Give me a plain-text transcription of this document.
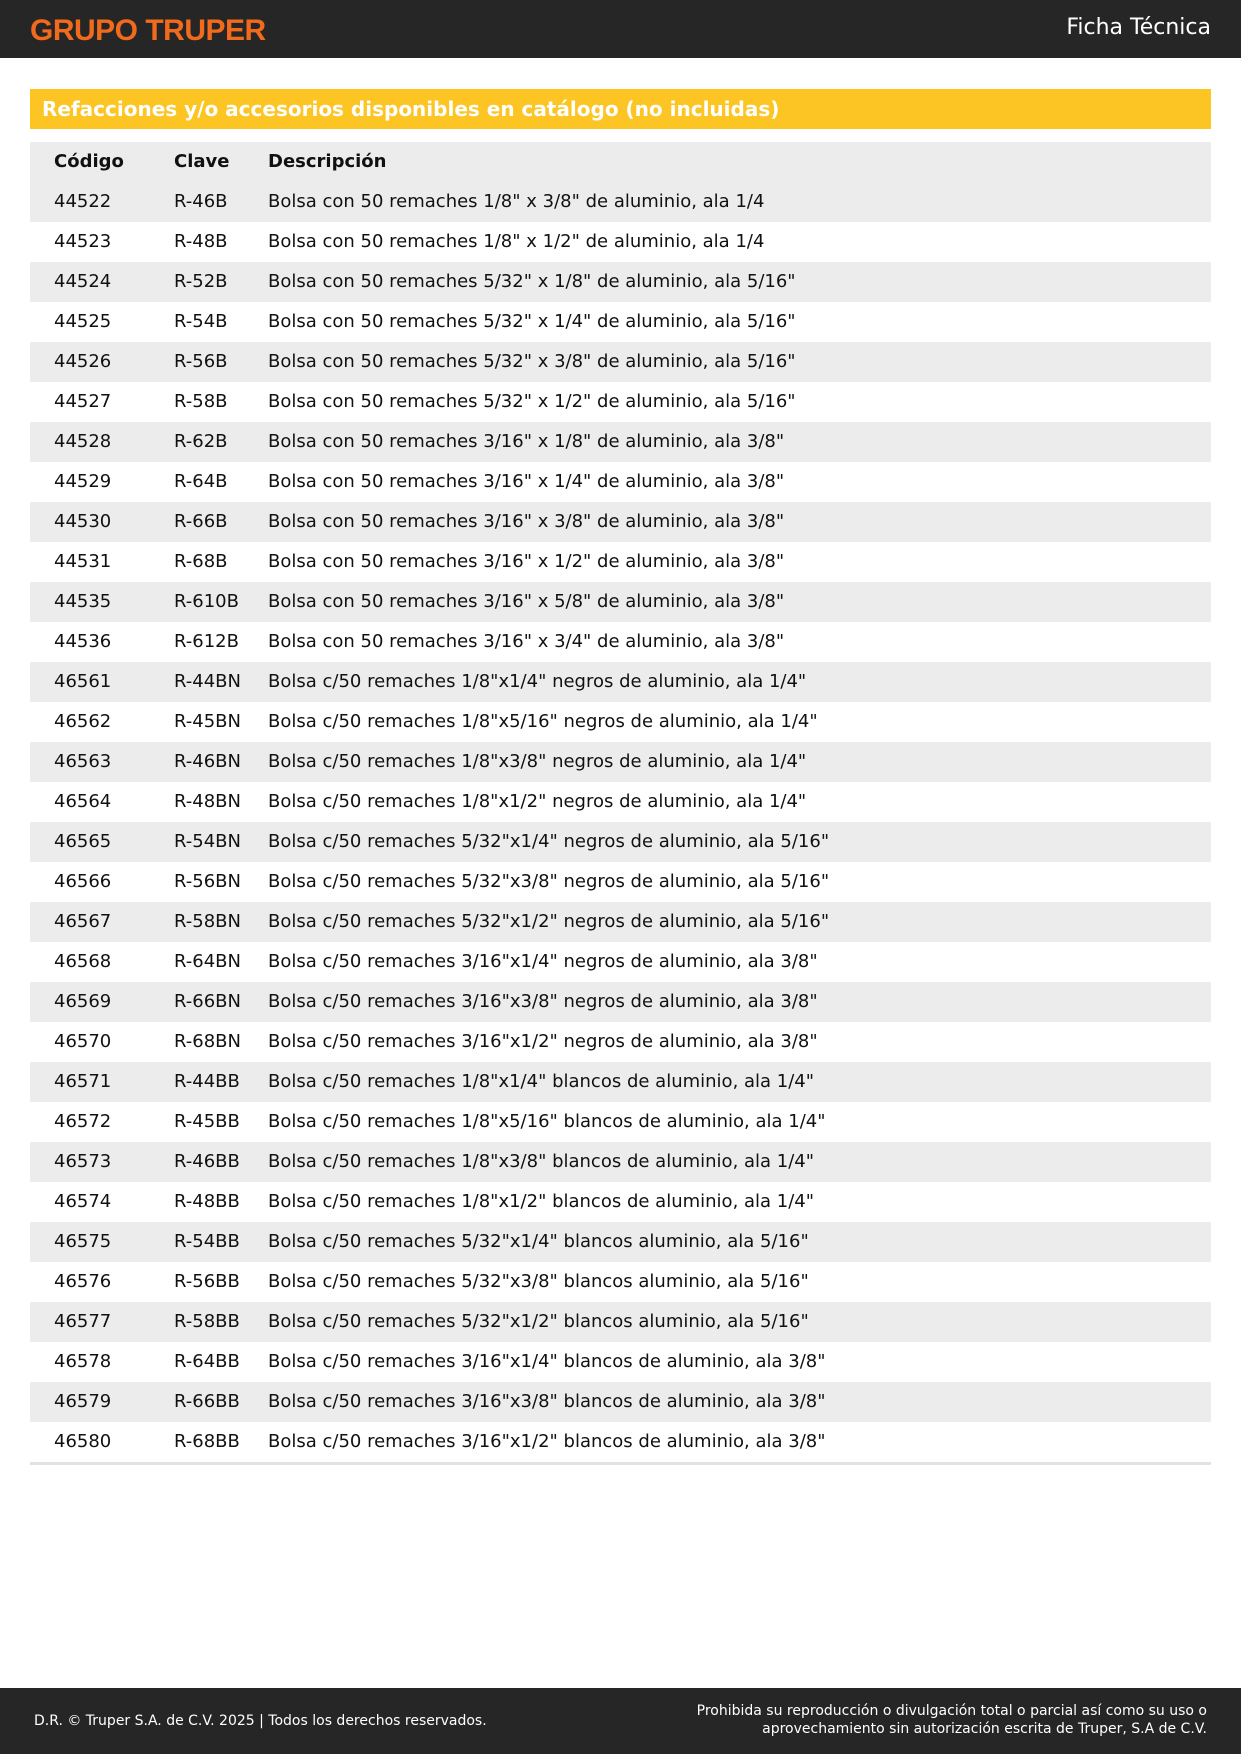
GRUPO TRUPER	Ficha Técnica
Refacciones y/o accesorios disponibles en catálogo (no incluidas)
Código	Clave	Descripción
44522	R-46B	Bolsa con 50 remaches 1/8" x 3/8" de aluminio, ala 1/4
44523	R-48B	Bolsa con 50 remaches 1/8" x 1/2" de aluminio, ala 1/4
44524	R-52B	Bolsa con 50 remaches 5/32" x 1/8" de aluminio, ala 5/16"
44525	R-54B	Bolsa con 50 remaches 5/32" x 1/4" de aluminio, ala 5/16"
44526	R-56B	Bolsa con 50 remaches 5/32" x 3/8" de aluminio, ala 5/16"
44527	R-58B	Bolsa con 50 remaches 5/32" x 1/2" de aluminio, ala 5/16"
44528	R-62B	Bolsa con 50 remaches 3/16" x 1/8" de aluminio, ala 3/8"
44529	R-64B	Bolsa con 50 remaches 3/16" x 1/4" de aluminio, ala 3/8"
44530	R-66B	Bolsa con 50 remaches 3/16" x 3/8" de aluminio, ala 3/8"
44531	R-68B	Bolsa con 50 remaches 3/16" x 1/2" de aluminio, ala 3/8"
44535	R-610B	Bolsa con 50 remaches 3/16" x 5/8" de aluminio, ala 3/8"
44536	R-612B	Bolsa con 50 remaches 3/16" x 3/4" de aluminio, ala 3/8"
46561	R-44BN	Bolsa c/50 remaches 1/8"x1/4" negros de aluminio, ala 1/4"
46562	R-45BN	Bolsa c/50 remaches 1/8"x5/16" negros de aluminio, ala 1/4"
46563	R-46BN	Bolsa c/50 remaches 1/8"x3/8" negros de aluminio, ala 1/4"
46564	R-48BN	Bolsa c/50 remaches 1/8"x1/2" negros de aluminio, ala 1/4"
46565	R-54BN	Bolsa c/50 remaches 5/32"x1/4" negros de aluminio, ala 5/16"
46566	R-56BN	Bolsa c/50 remaches 5/32"x3/8" negros de aluminio, ala 5/16"
46567	R-58BN	Bolsa c/50 remaches 5/32"x1/2" negros de aluminio, ala 5/16"
46568	R-64BN	Bolsa c/50 remaches 3/16"x1/4" negros de aluminio, ala 3/8"
46569	R-66BN	Bolsa c/50 remaches 3/16"x3/8" negros de aluminio, ala 3/8"
46570	R-68BN	Bolsa c/50 remaches 3/16"x1/2" negros de aluminio, ala 3/8"
46571	R-44BB	Bolsa c/50 remaches 1/8"x1/4" blancos de aluminio, ala 1/4"
46572	R-45BB	Bolsa c/50 remaches 1/8"x5/16" blancos de aluminio, ala 1/4"
46573	R-46BB	Bolsa c/50 remaches 1/8"x3/8" blancos de aluminio, ala 1/4"
46574	R-48BB	Bolsa c/50 remaches 1/8"x1/2" blancos de aluminio, ala 1/4"
46575	R-54BB	Bolsa c/50 remaches 5/32"x1/4" blancos aluminio, ala 5/16"
46576	R-56BB	Bolsa c/50 remaches 5/32"x3/8" blancos aluminio, ala 5/16"
46577	R-58BB	Bolsa c/50 remaches 5/32"x1/2" blancos aluminio, ala 5/16"
46578	R-64BB	Bolsa c/50 remaches 3/16"x1/4" blancos de aluminio, ala 3/8"
46579	R-66BB	Bolsa c/50 remaches 3/16"x3/8" blancos de aluminio, ala 3/8"
46580	R-68BB	Bolsa c/50 remaches 3/16"x1/2" blancos de aluminio, ala 3/8"
D.R. © Truper S.A. de C.V. 2025 | Todos los derechos reservados.
Prohibida su reproducción o divulgación total o parcial así como su uso o
aprovechamiento sin autorización escrita de Truper, S.A de C.V.
